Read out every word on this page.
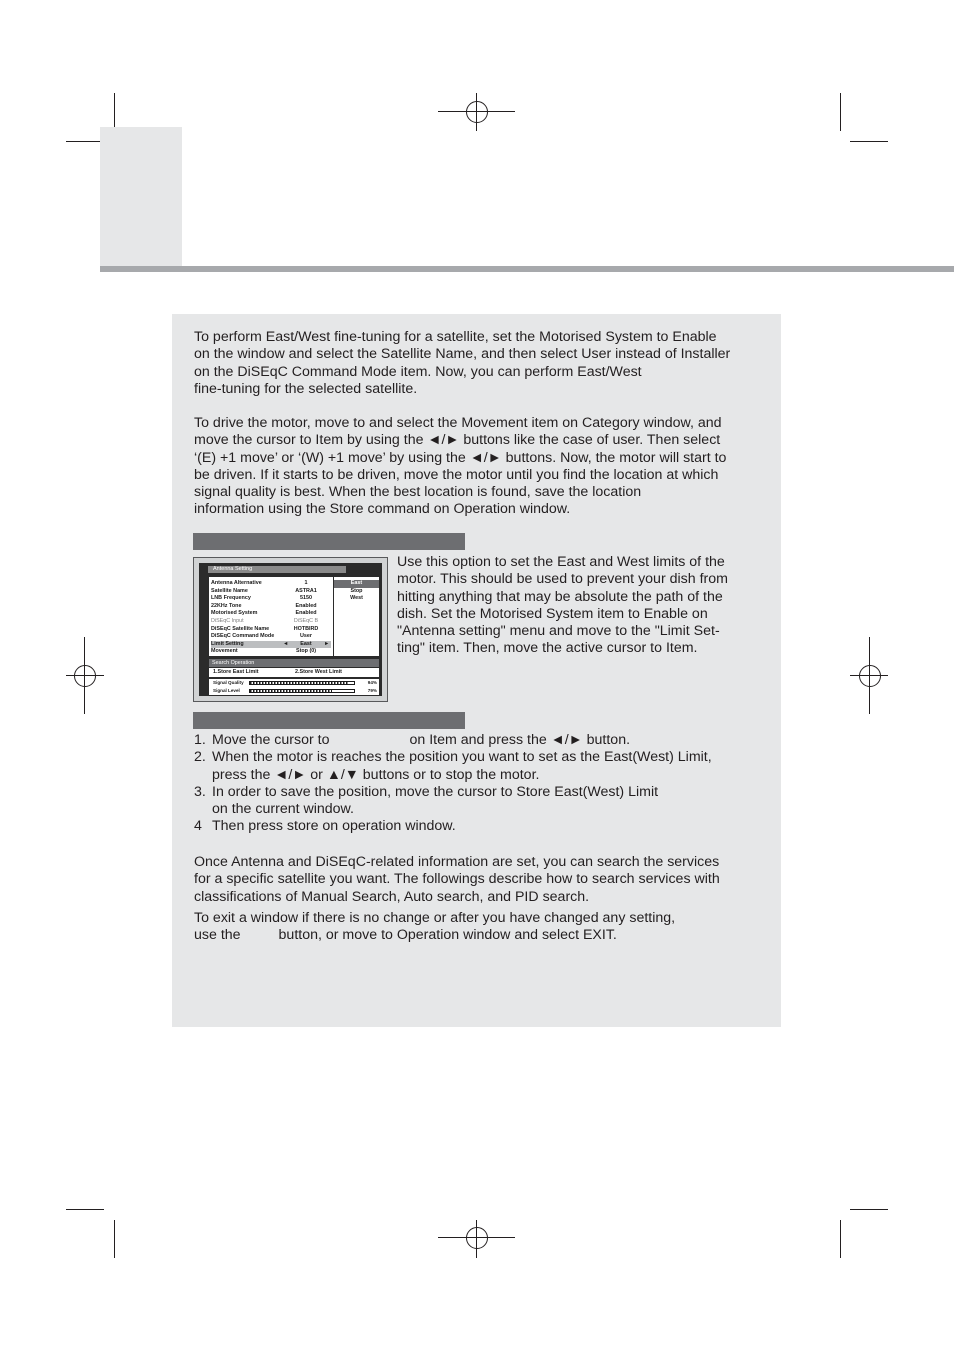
To perform East/West fine-tuning for a satellite, set the Motorised System to Enable
on the window and select the Satellite Name, and then select User instead of Installer
on the DiSEqC Command Mode item. Now, you can perform East/West
fine-tuning for the selected satellite.

To drive the motor, move to and select the Movement item on Category window, and
move the cursor to Item by using the ◄/► buttons like the case of user. Then select
‘(E) +1 move’ or ‘(W) +1 move’ by using the ◄/► buttons. Now, the motor will start to
be driven. If it starts to be driven, move the motor until you find the location at which
signal quality is best. When the best location is found, save the location
information using the Store command on Operation window.

Antenna Setting
Antenna Alternative	1
Satellite Name	ASTRA1
LNB Frequency	5150
22KHz Tone	Enabled
Motorised System	Enabled
DiSEqC Input	DiSEqC B
DiSEqC Satellite Name	HOTBIRD
DiSEqC Command Mode	User
Limit Setting	◄	East	►
Movement	Stop (0)
East
Stop
West
Search Operation
1.Store East Limit	2.Store West Limit
Signal Quality	94%
Signal Level	79%

Use this option to set the East and West limits of the
motor. This should be used to prevent your dish from
hitting anything that may be absolute the path of the
dish. Set the Motorised System item to Enable on
"Antenna setting" menu and move to the "Limit Set-
ting" item. Then, move the active cursor to Item.

1. Move the cursor to	on Item and press the ◄/► button.
2. When the motor is reaches the position you want to set as the East(West) Limit,
press the ◄/► or ▲/▼ buttons or to stop the motor.
3. In order to save the position, move the cursor to Store East(West) Limit
on the current window.
4 Then press store on operation window.

Once Antenna and DiSEqC-related information are set, you can search the services
for a specific satellite you want. The followings describe how to search services with
classifications of Manual Search, Auto search, and PID search.

To exit a window if there is no change or after you have changed any setting,
use the	button, or move to Operation window and select EXIT.
